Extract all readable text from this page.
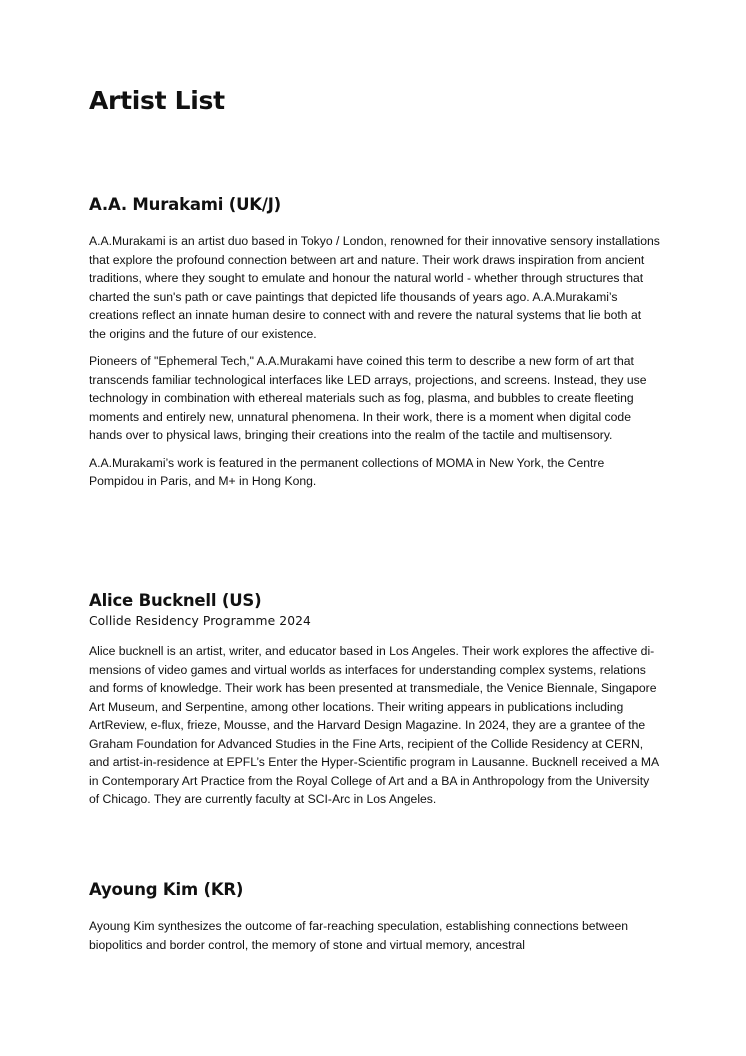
Artist List
A.A. Murakami (UK/J)

A.A.Murakami is an artist duo based in Tokyo / London, renowned for their innovative sensory installations that explore the profound connection between art and nature. Their work draws inspiration from ancient traditions, where they sought to emulate and honour the natural world - whether through structures that charted the sun's path or cave paintings that depicted life thousands of years ago. A.A.Murakami’s creations reflect an innate human desire to connect with and revere the natural systems that lie both at the origins and the future of our existence.

Pioneers of "Ephemeral Tech," A.A.Murakami have coined this term to describe a new form of art that transcends familiar technological interfaces like LED arrays, projections, and screens. Instead, they use technology in combination with ethereal materials such as fog, plasma, and bubbles to create fleeting moments and entirely new, unnatural phenomena. In their work, there is a moment when digital code hands over to physical laws, bringing their creations into the realm of the tactile and multisensory.

A.A.Murakami’s work is featured in the permanent collections of MOMA in New York, the Centre Pompidou in Paris, and M+ in Hong Kong.

Alice Bucknell (US)

Collide Residency Programme 2024

Alice bucknell is an artist, writer, and educator based in Los Angeles. Their work explores the affective di- mensions of video games and virtual worlds as interfaces for understanding complex systems, relations and forms of knowledge. Their work has been presented at transmediale, the Venice Biennale, Singapore Art Museum, and Serpentine, among other locations. Their writing appears in publications including ArtReview, e-flux, frieze, Mousse, and the Harvard Design Magazine. In 2024, they are a grantee of the Graham Foundation for Advanced Studies in the Fine Arts, recipient of the Collide Residency at CERN, and artist-in-residence at EPFL’s Enter the Hyper-Scientific program in Lausanne. Bucknell received a MA in Contemporary Art Practice from the Royal College of Art and a BA in Anthropology from the University of Chicago. They are currently faculty at SCI-Arc in Los Angeles.

Ayoung Kim (KR)

Ayoung Kim synthesizes the outcome of far-reaching speculation, establishing connections between biopolitics and border control, the memory of stone and virtual memory, ancestral
